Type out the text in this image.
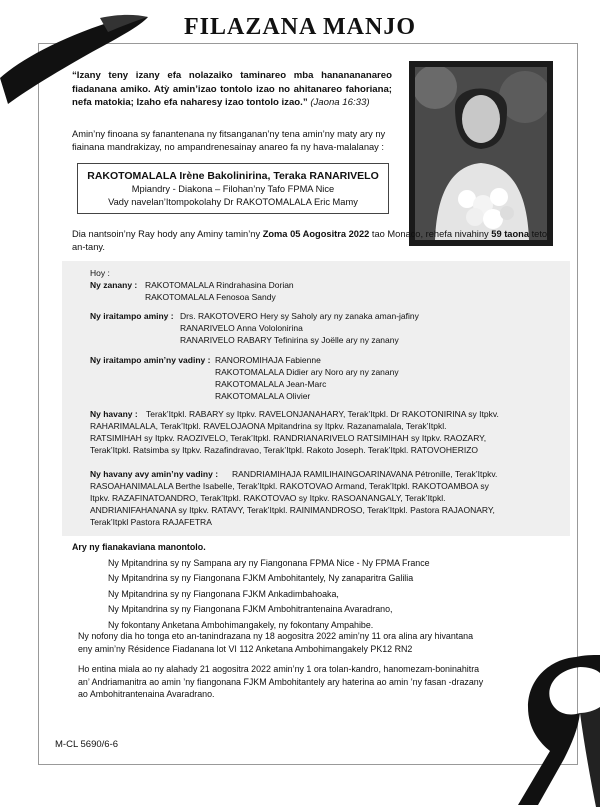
FILAZANA MANJO
“Izany teny izany efa nolazaiko taminareo mba hananananareo fiadanana amiko. Atỳ amin’izao tontolo izao no ahitanareo fahoriana; nefa matokia; Izaho efa naharesy izao tontolo izao.” (Jaona 16:33)
Amin’ny finoana sy fanantenana ny fitsanganan’ny tena amin’ny maty ary ny fiainana mandrakizay, no ampandrenesainay anareo fa ny hava-malalanay :
RAKOTOMALALA Irène Bakolinirina, Teraka RANARIVELO
Mpiandry - Diakona – Filohan’ny Tafo FPMA Nice
Vady navelan’Itompokolahy Dr RAKOTOMALALA Eric Mamy
Dia nantsoin’ny Ray hody any Aminy tamin’ny Zoma 05 Aogositra 2022 tao Monaco, rehefa nivahiny 59 taona teto an-tany.
Hoy :
Ny zanany : RAKOTOMALALA Rindrahasina Dorian
RAKOTOMALALA Fenosoa Sandy
Ny iraitampo aminy : Drs. RAKOTOVERO Hery sy Saholy ary ny zanaka aman-jafiny
RANARIVELO Anna Vololonirina
RANARIVELO RABARY Tefinirina sy Joëlle ary ny zanany
Ny iraitampo amin’ny vadiny : RANOROMIHAJA Fabienne
RAKOTOMALALA Didier ary Noro ary ny zanany
RAKOTOMALALA Jean-Marc
RAKOTOMALALA Olivier
Ny havany : Terak’Itpkl. RABARY sy Itpkv. RAVELONJANAHARY, Terak’Itpkl. Dr RAKOTONIRINA sy Itpkv.
RAHARIMALALA, Terak’Itpkl. RAVELOJAONA Mpitandrina sy Itpkv. Razanamalala, Terak’Itpkl.
RATSIMIHAH sy Itpkv. RAOZIVELO, Terak’Itpkl. RANDRIANARIVELO RATSIMIHAH sy Itpkv. RAOZARY,
Terak’Itpkl. Ratsimba sy Itpkv. Razafindravao, Terak’Itpkl. Rakoto Joseph. Terak’Itpkl. RATOVOHERIZO
Ny havany avy amin’ny vadiny : RANDRIAMIHAJA RAMILIHAINGOARINAVANA Pétronille, Terak’Itpkv.
RASOAHANIMALALA Berthe Isabelle, Terak’Itpkl. RAKOTOVAO Armand, Terak’Itpkl. RAKOTOAMBOA sy
Itpkv. RAZAFINATOANDRO, Terak’Itpkl. RAKOTOVAO sy Itpkv. RASOANANGALY, Terak’Itpkl.
ANDRIANIFAHANANA sy Itpkv. RATAVY, Terak’Itpkl. RAINIMANDROSO, Terak’Itpkl. Pastora RAJAONARY,
Terak’Itpkl Pastora RAJAFETRA
Ary ny fianakaviana manontolo.
Ny Mpitandrina sy ny Sampana ary ny Fiangonana FPMA Nice - Ny FPMA France
Ny Mpitandrina sy ny Fiangonana FJKM Ambohitantely, Ny zanaparitra Galilia
Ny Mpitandrina sy ny Fiangonana FJKM Ankadimbahoaka,
Ny Mpitandrina sy ny Fiangonana FJKM Ambohitrantenaina Avaradrano,
Ny fokontany Anketana Ambohimangakely, ny fokontany Ampahibe.
Ny nofony dia ho tonga eto an-tanindrazana ny 18 aogositra 2022 amin’ny 11 ora alina ary hivantana
eny amin’ny Résidence Fiadanana lot VI 112 Anketana Ambohimangakely PK12 RN2
Ho entina miala ao ny alahady 21 aogositra 2022 amin’ny 1 ora tolan-kandro, hanomezam-boninahitra
an’ Andriamanitra ao amin ’ny fiangonana FJKM Ambohitantely ary haterina ao amin ’ny fasan -drazany
ao Ambohitrantenaina Avaradrano.
M-CL 5690/6-6
